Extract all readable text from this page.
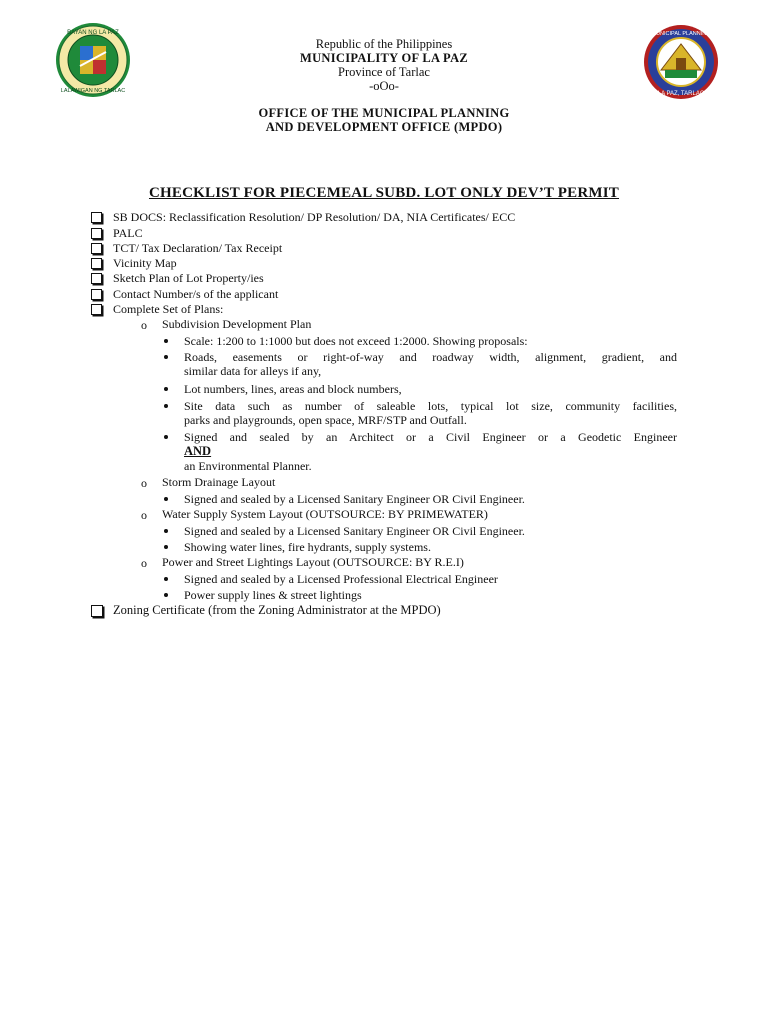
BAYAN NG LA PAZ
LALAWIGAN NG TARLAC
MUNICIPAL PLANNING
LA PAZ, TARLAC
Republic of the Philippines
MUNICIPALITY OF LA PAZ
Province of Tarlac
-oOo-
OFFICE OF THE MUNICIPAL PLANNING
AND DEVELOPMENT OFFICE (MPDO)
CHECKLIST FOR PIECEMEAL SUBD. LOT ONLY DEV’T PERMIT
SB DOCS: Reclassification Resolution/ DP Resolution/ DA, NIA Certificates/ ECC
PALC
TCT/ Tax Declaration/ Tax Receipt
Vicinity Map
Sketch Plan of Lot Property/ies
Contact Number/s of the applicant
Complete Set of Plans:
o Subdivision Development Plan
Scale: 1:200 to 1:1000 but does not exceed 1:2000. Showing proposals:
Roads, easements or right-of-way and roadway width, alignment, gradient, and
similar data for alleys if any,
Lot numbers, lines, areas and block numbers,
Site data such as number of saleable lots, typical lot size, community facilities,
parks and playgrounds, open space, MRF/STP and Outfall.
Signed and sealed by an Architect or a Civil Engineer or a Geodetic Engineer
AND
an Environmental Planner.
o Storm Drainage Layout
Signed and sealed by a Licensed Sanitary Engineer OR Civil Engineer.
o Water Supply System Layout (OUTSOURCE: BY PRIMEWATER)
Signed and sealed by a Licensed Sanitary Engineer OR Civil Engineer.
Showing water lines, fire hydrants, supply systems.
o Power and Street Lightings Layout (OUTSOURCE: BY R.E.I)
Signed and sealed by a Licensed Professional Electrical Engineer
Power supply lines & street lightings
Zoning Certificate (from the Zoning Administrator at the MPDO)
